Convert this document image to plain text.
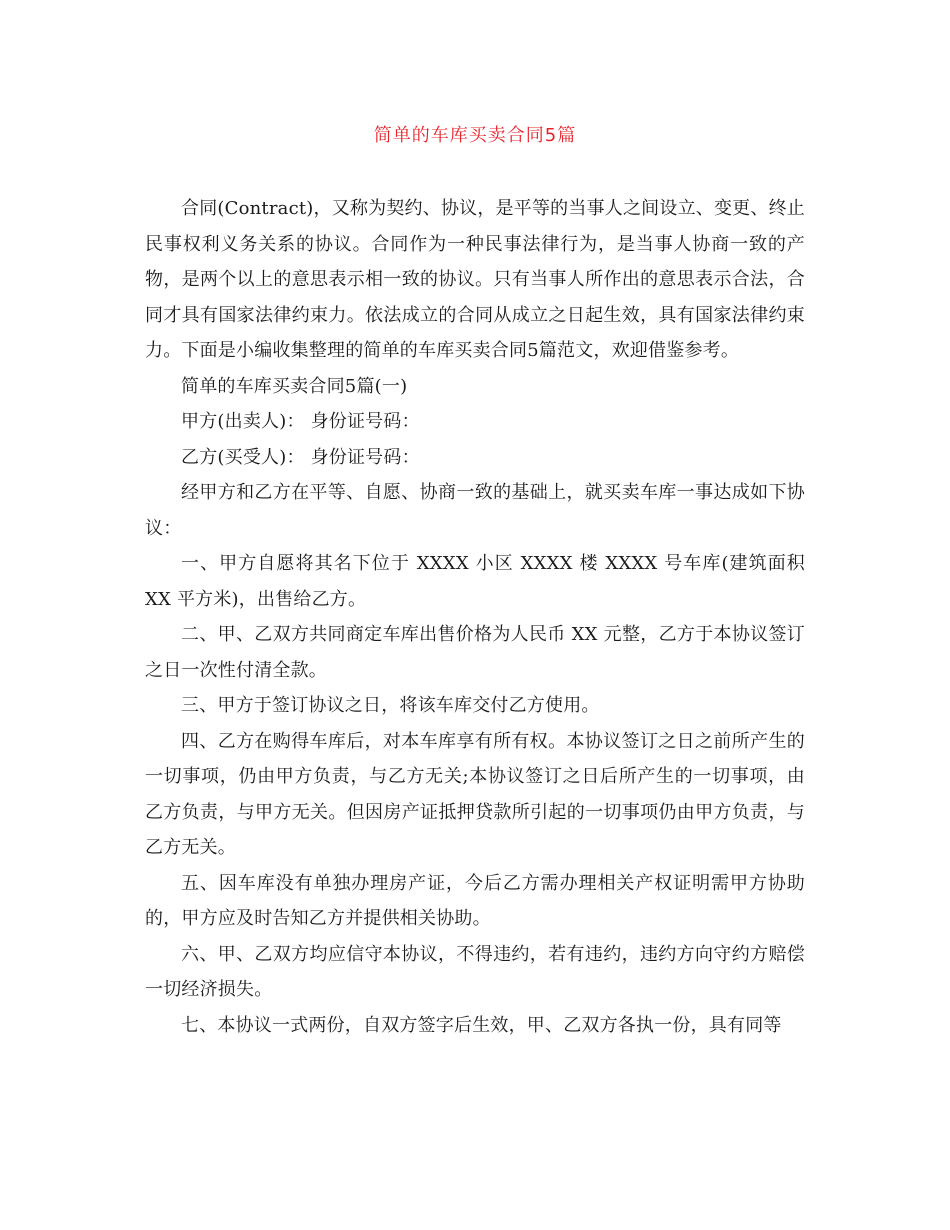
简单的车库买卖合同5篇

合同(Contract)，又称为契约、协议，是平等的当事人之间设立、变更、终止民事权利义务关系的协议。合同作为一种民事法律行为，是当事人协商一致的产物，是两个以上的意思表示相一致的协议。只有当事人所作出的意思表示合法，合同才具有国家法律约束力。依法成立的合同从成立之日起生效，具有国家法律约束力。下面是小编收集整理的简单的车库买卖合同5篇范文，欢迎借鉴参考。

简单的车库买卖合同5篇(一)

甲方(出卖人)： 身份证号码：

乙方(买受人)： 身份证号码：

经甲方和乙方在平等、自愿、协商一致的基础上，就买卖车库一事达成如下协议：

一、甲方自愿将其名下位于 XXXX 小区 XXXX 楼 XXXX 号车库(建筑面积 XX 平方米)，出售给乙方。

二、甲、乙双方共同商定车库出售价格为人民币 XX 元整，乙方于本协议签订之日一次性付清全款。

三、甲方于签订协议之日，将该车库交付乙方使用。

四、乙方在购得车库后，对本车库享有所有权。本协议签订之日之前所产生的一切事项，仍由甲方负责，与乙方无关;本协议签订之日后所产生的一切事项，由乙方负责，与甲方无关。但因房产证抵押贷款所引起的一切事项仍由甲方负责，与乙方无关。

五、因车库没有单独办理房产证，今后乙方需办理相关产权证明需甲方协助的，甲方应及时告知乙方并提供相关协助。

六、甲、乙双方均应信守本协议，不得违约，若有违约，违约方向守约方赔偿一切经济损失。

七、本协议一式两份，自双方签字后生效，甲、乙双方各执一份，具有同等
